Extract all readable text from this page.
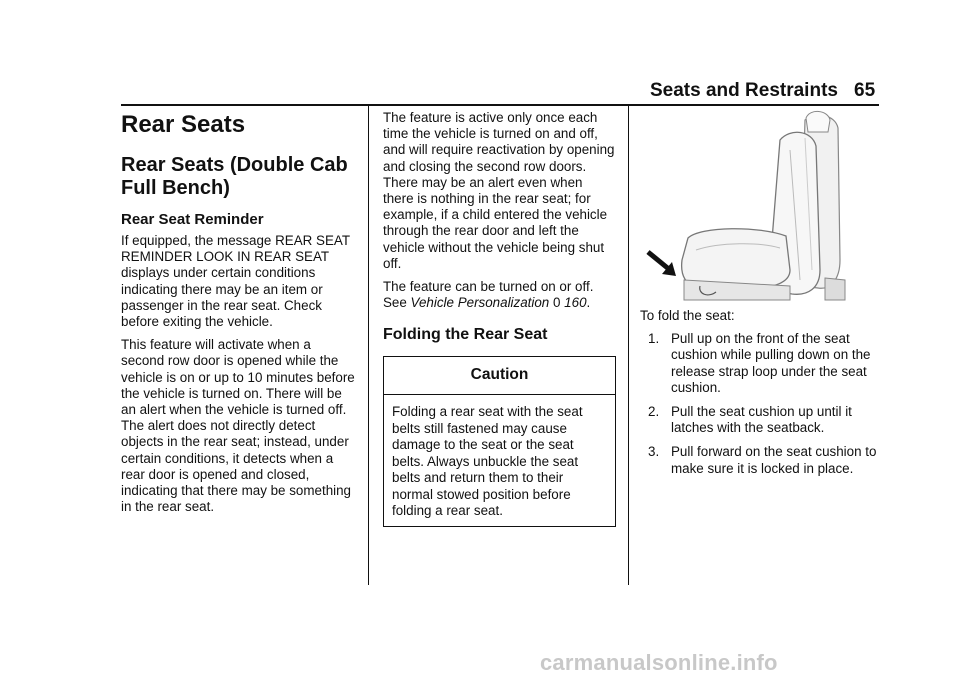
Seats and Restraints 65
Rear Seats
Rear Seats (Double Cab Full Bench)
Rear Seat Reminder

If equipped, the message REAR SEAT REMINDER LOOK IN REAR SEAT displays under certain conditions indicating there may be an item or passenger in the rear seat. Check before exiting the vehicle.

This feature will activate when a second row door is opened while the vehicle is on or up to 10 minutes before the vehicle is turned on. There will be an alert when the vehicle is turned off. The alert does not directly detect objects in the rear seat; instead, under certain conditions, it detects when a rear door is opened and closed, indicating that there may be something in the rear seat.

The feature is active only once each time the vehicle is turned on and off, and will require reactivation by opening and closing the second row doors. There may be an alert even when there is nothing in the rear seat; for example, if a child entered the vehicle through the rear door and left the vehicle without the vehicle being shut off.

The feature can be turned on or off. See Vehicle Personalization 0 160.

Folding the Rear Seat
Caution
Folding a rear seat with the seat belts still fastened may cause damage to the seat or the seat belts. Always unbuckle the seat belts and return them to their normal stowed position before folding a rear seat.

To fold the seat:

1. Pull up on the front of the seat cushion while pulling down on the release strap loop under the seat cushion.
2. Pull the seat cushion up until it latches with the seatback.
3. Pull forward on the seat cushion to make sure it is locked in place.
carmanualsonline.info
